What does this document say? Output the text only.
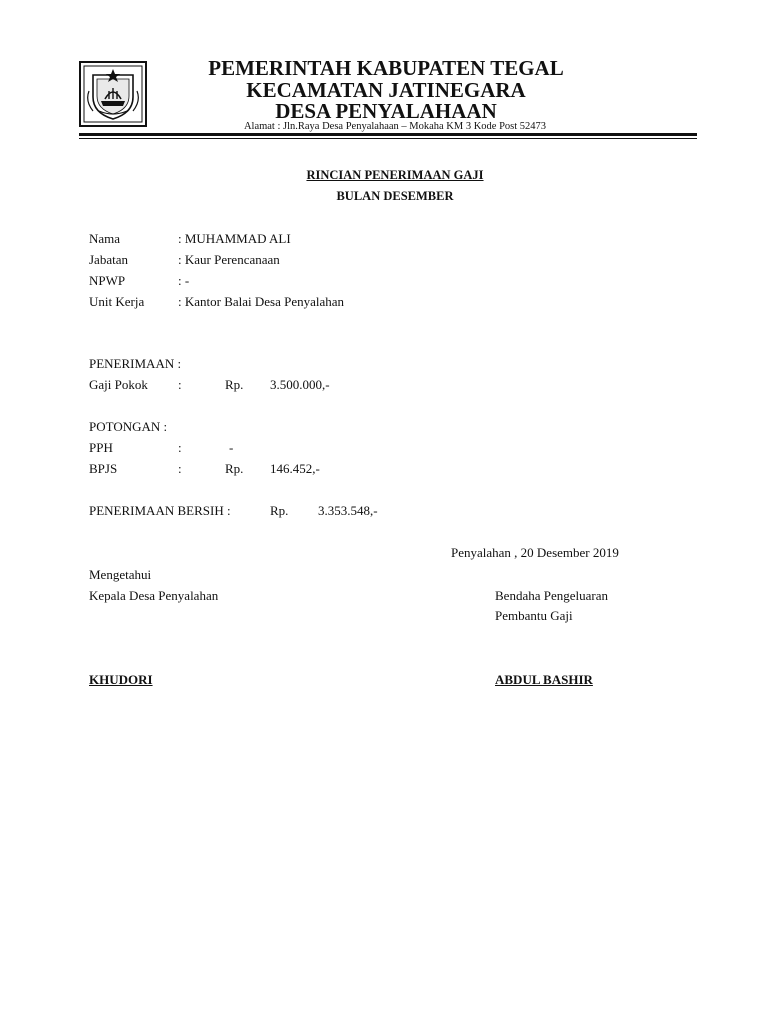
PEMERINTAH KABUPATEN TEGAL
KECAMATAN JATINEGARA
DESA PENYALAHAAN
Alamat : Jln.Raya Desa Penyalahaan – Mokaha KM 3 Kode Post 52473
RINCIAN PENERIMAAN GAJI
BULAN DESEMBER
Nama	: MUHAMMAD ALI
Jabatan	: Kaur Perencanaan
NPWP	: -
Unit Kerja	: Kantor Balai Desa Penyalahan
PENERIMAAN :
Gaji Pokok :	Rp. 3.500.000,-
POTONGAN :
PPH	:	-
BPJS	:	Rp. 146.452,-
PENERIMAAN BERSIH :	Rp. 3.353.548,-
Penyalahan , 20 Desember 2019
Mengetahui
Kepala Desa Penyalahan	Bendaha Pengeluaran
Pembantu Gaji
KHUDORI	ABDUL BASHIR
